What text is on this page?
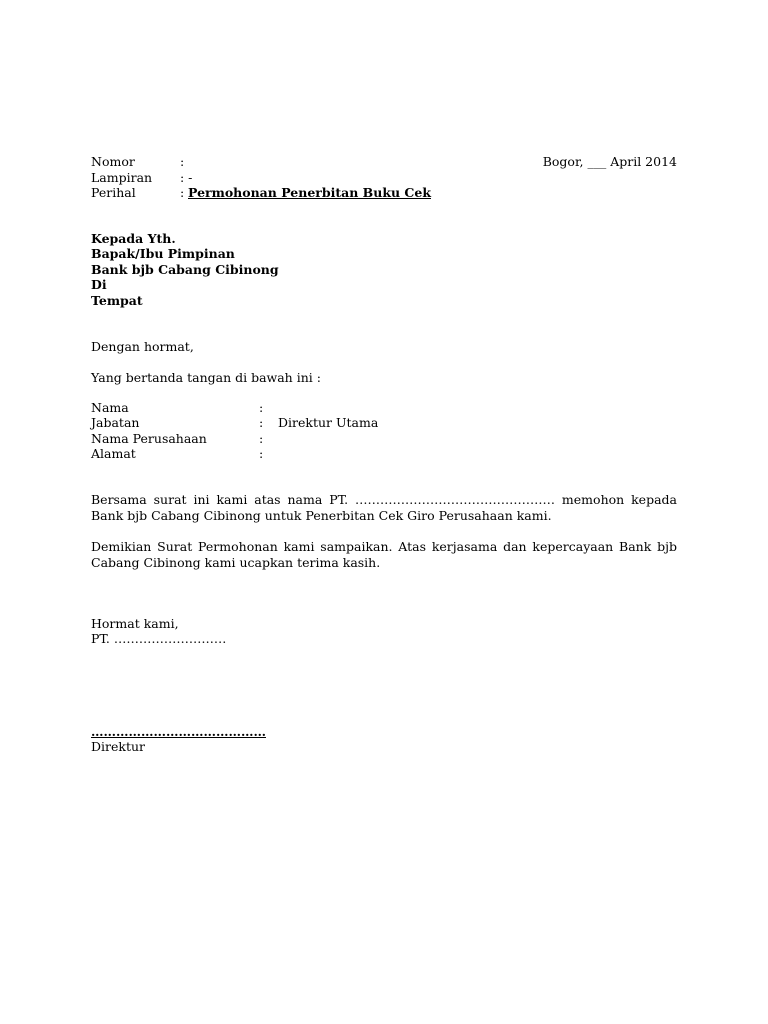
Nomor	:	Bogor, ___ April 2014
Lampiran : -
Perihal	: Permohonan Penerbitan Buku Cek
Kepada Yth.
Bapak/Ibu Pimpinan
Bank bjb Cabang Cibinong
Di
Tempat
Dengan hormat,
Yang bertanda tangan di bawah ini :
Nama	:
Jabatan	: Direktur Utama
Nama Perusahaan	:
Alamat	:
Bersama surat ini kami atas nama PT. ………………………………………… memohon kepada Bank bjb Cabang Cibinong untuk Penerbitan Cek Giro Perusahaan kami.
Demikian Surat Permohonan kami sampaikan. Atas kerjasama dan kepercayaan Bank bjb Cabang Cibinong kami ucapkan terima kasih.
Hormat kami,
PT. ………………………
……………………………………
Direktur
